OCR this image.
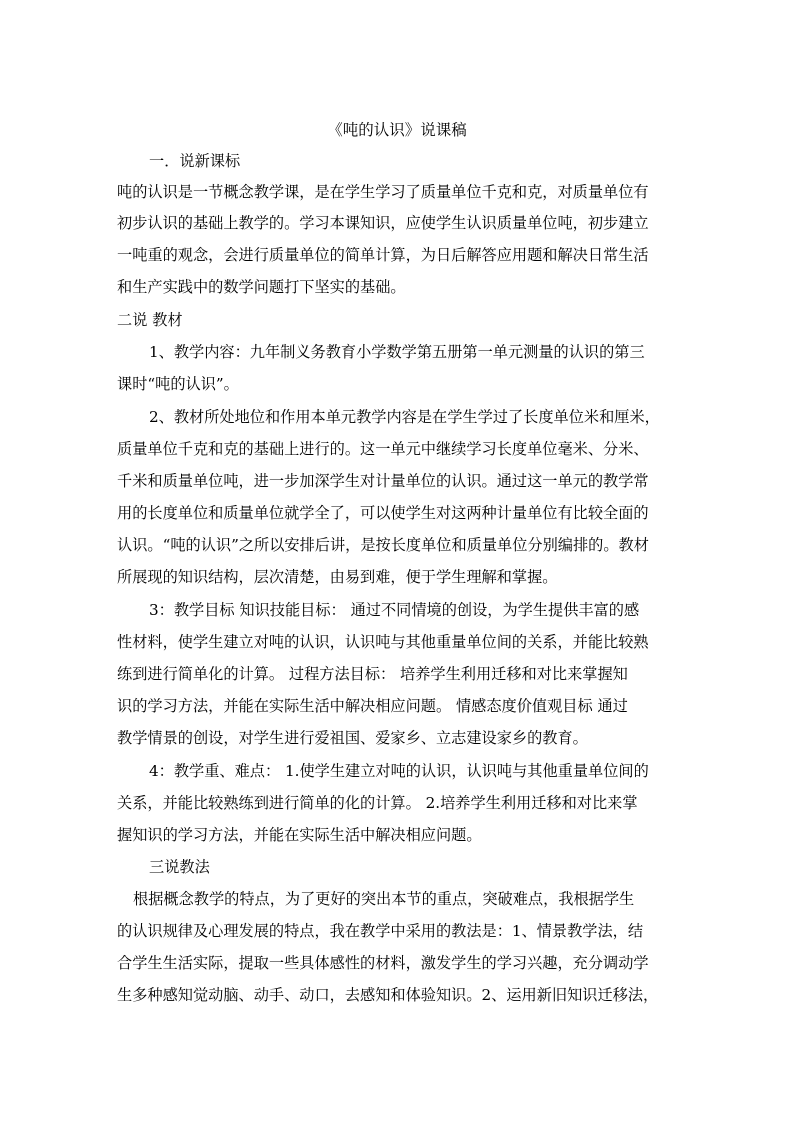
《吨的认识》说课稿
一．说新课标
吨的认识是一节概念教学课，是在学生学习了质量单位千克和克，对质量单位有
初步认识的基础上教学的。学习本课知识，应使学生认识质量单位吨，初步建立
一吨重的观念，会进行质量单位的简单计算，为日后解答应用题和解决日常生活
和生产实践中的数学问题打下坚实的基础。
二说 教材
1、教学内容：九年制义务教育小学数学第五册第一单元测量的认识的第三
课时“吨的认识”。
2、教材所处地位和作用本单元教学内容是在学生学过了长度单位米和厘米，
质量单位千克和克的基础上进行的。这一单元中继续学习长度单位毫米、分米、
千米和质量单位吨，进一步加深学生对计量单位的认识。通过这一单元的教学常
用的长度单位和质量单位就学全了，可以使学生对这两种计量单位有比较全面的
认识。“吨的认识”之所以安排后讲，是按长度单位和质量单位分别编排的。教材
所展现的知识结构，层次清楚，由易到难，便于学生理解和掌握。
3：教学目标 知识技能目标： 通过不同情境的创设，为学生提供丰富的感
性材料，使学生建立对吨的认识，认识吨与其他重量单位间的关系，并能比较熟
练到进行简单化的计算。 过程方法目标： 培养学生利用迁移和对比来掌握知
识的学习方法，并能在实际生活中解决相应问题。 情感态度价值观目标 通过
教学情景的创设，对学生进行爱祖国、爱家乡、立志建设家乡的教育。
4：教学重、难点： 1.使学生建立对吨的认识，认识吨与其他重量单位间的
关系，并能比较熟练到进行简单的化的计算。 2.培养学生利用迁移和对比来掌
握知识的学习方法，并能在实际生活中解决相应问题。
三说教法
根据概念教学的特点，为了更好的突出本节的重点，突破难点，我根据学生
的认识规律及心理发展的特点，我在教学中采用的教法是：1、情景教学法，结
合学生生活实际，提取一些具体感性的材料，激发学生的学习兴趣，充分调动学
生多种感知觉动脑、动手、动口，去感知和体验知识。2、运用新旧知识迁移法，
